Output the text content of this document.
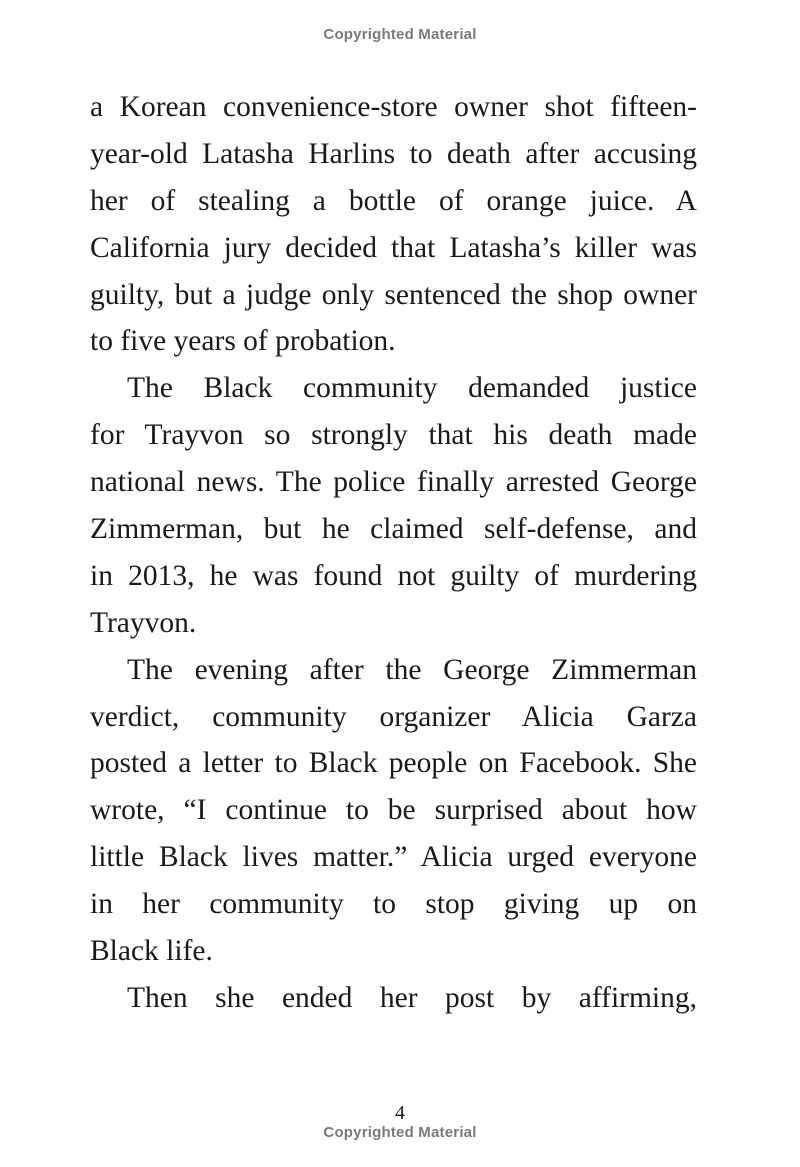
Copyrighted Material
a Korean convenience-store owner shot fifteen-
year-old Latasha Harlins to death after accusing
her of stealing a bottle of orange juice. A
California jury decided that Latasha’s killer was
guilty, but a judge only sentenced the shop owner
to five years of probation.
The Black community demanded justice
for Trayvon so strongly that his death made
national news. The police finally arrested George
Zimmerman, but he claimed self-defense, and
in 2013, he was found not guilty of murdering
Trayvon.
The evening after the George Zimmerman
verdict, community organizer Alicia Garza
posted a letter to Black people on Facebook. She
wrote, “I continue to be surprised about how
little Black lives matter.” Alicia urged everyone
in her community to stop giving up on
Black life.
Then she ended her post by affirming,
4
Copyrighted Material
